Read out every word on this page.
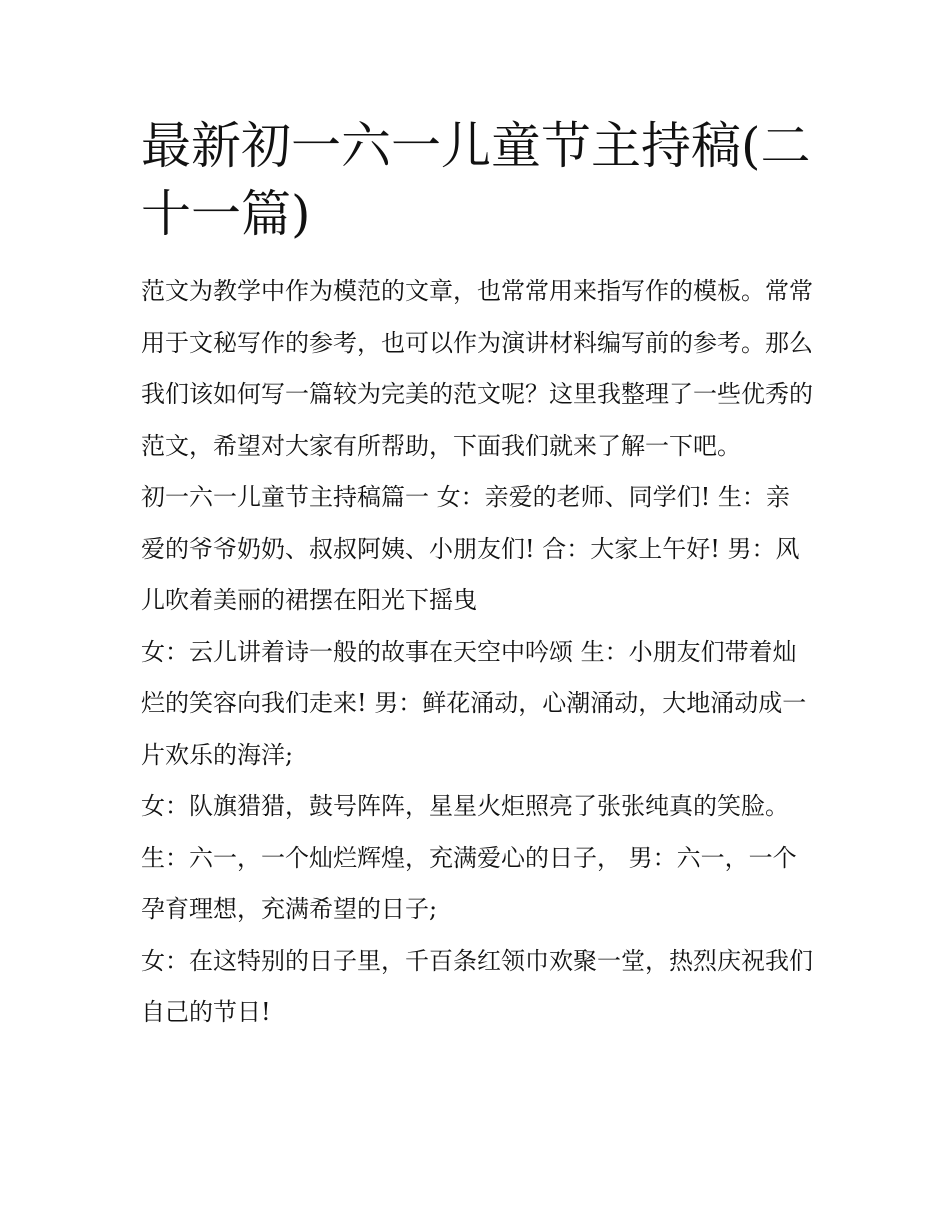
最新初一六一儿童节主持稿(二十一篇)

范文为教学中作为模范的文章，也常常用来指写作的模板。常常用于文秘写作的参考，也可以作为演讲材料编写前的参考。那么我们该如何写一篇较为完美的范文呢？这里我整理了一些优秀的范文，希望对大家有所帮助，下面我们就来了解一下吧。

初一六一儿童节主持稿篇一 女：亲爱的老师、同学们! 生：亲爱的爷爷奶奶、叔叔阿姨、小朋友们! 合：大家上午好! 男：风儿吹着美丽的裙摆在阳光下摇曳

女：云儿讲着诗一般的故事在天空中吟颂 生：小朋友们带着灿烂的笑容向我们走来! 男：鲜花涌动，心潮涌动，大地涌动成一片欢乐的海洋;

女：队旗猎猎，鼓号阵阵，星星火炬照亮了张张纯真的笑脸。

生：六一，一个灿烂辉煌，充满爱心的日子， 男：六一，一个孕育理想，充满希望的日子;

女：在这特别的日子里，千百条红领巾欢聚一堂，热烈庆祝我们自己的节日!
